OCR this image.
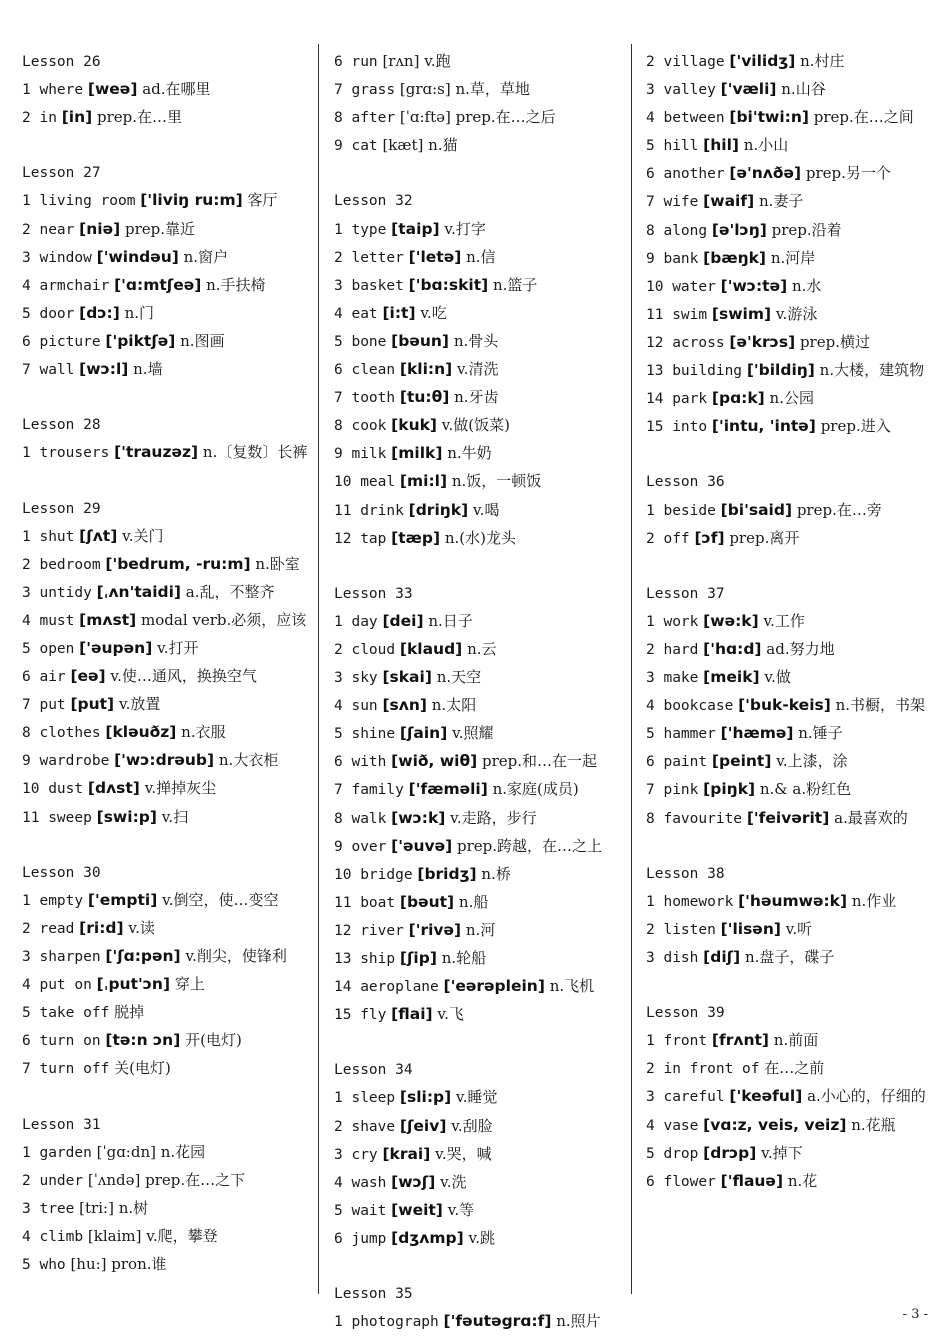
Lesson 26
1 where [weə] ad.在哪里
2 in [in] prep.在…里
Lesson 27
1 living room ['liviŋ ru:m] 客厅
2 near [niə] prep.靠近
3 window ['windəu] n.窗户
4 armchair ['ɑ:mtʃeə] n.手扶椅
5 door [dɔ:] n.门
6 picture ['piktʃə] n.图画
7 wall [wɔ:l] n.墙
Lesson 28
1 trousers ['trauzəz] n.〔复数〕长裤
Lesson 29
1 shut [ʃʌt] v.关门
2 bedroom ['bedrum, -ru:m] n.卧室
3 untidy [ˌʌn'taidi] a.乱，不整齐
4 must [mʌst] modal verb.必须，应该
5 open ['əupən] v.打开
6 air [eə] v.使…通风，换换空气
7 put [put] v.放置
8 clothes [kləuðz] n.衣服
9 wardrobe ['wɔ:drəub] n.大衣柜
10 dust [dʌst] v.掸掉灰尘
11 sweep [swi:p] v.扫
Lesson 30
1 empty ['empti] v.倒空，使…变空
2 read [ri:d] v.读
3 sharpen ['ʃɑ:pən] v.削尖，使锋利
4 put on [ˌput'ɔn] 穿上
5 take off 脱掉
6 turn on [tə:n ɔn] 开(电灯)
7 turn off 关(电灯)
Lesson 31
1 garden [ˈgɑ:dn] n.花园
2 under [ˈʌndə] prep.在…之下
3 tree [tri:] n.树
4 climb [klaim] v.爬，攀登
5 who [hu:] pron.谁
6 run [rʌn] v.跑
7 grass [grɑ:s] n.草，草地
8 after [ˈɑ:ftə] prep.在…之后
9 cat [kæt] n.猫
Lesson 32
1 type [taip] v.打字
2 letter ['letə] n.信
3 basket ['bɑ:skit] n.篮子
4 eat [i:t] v.吃
5 bone [bəun] n.骨头
6 clean [kli:n] v.清洗
7 tooth [tu:θ] n.牙齿
8 cook [kuk] v.做(饭菜)
9 milk [milk] n.牛奶
10 meal [mi:l] n.饭，一顿饭
11 drink [driŋk] v.喝
12 tap [tæp] n.(水)龙头
Lesson 33
1 day [dei] n.日子
2 cloud [klaud] n.云
3 sky [skai] n.天空
4 sun [sʌn] n.太阳
5 shine [ʃain] v.照耀
6 with [wið, wiθ] prep.和…在一起
7 family ['fæməli] n.家庭(成员)
8 walk [wɔ:k] v.走路，步行
9 over ['əuvə] prep.跨越，在…之上
10 bridge [bridʒ] n.桥
11 boat [bəut] n.船
12 river ['rivə] n.河
13 ship [ʃip] n.轮船
14 aeroplane ['eərəplein] n.飞机
15 fly [flai] v.飞
Lesson 34
1 sleep [sli:p] v.睡觉
2 shave [ʃeiv] v.刮脸
3 cry [krai] v.哭，喊
4 wash [wɔʃ] v.洗
5 wait [weit] v.等
6 jump [dʒʌmp] v.跳
Lesson 35
1 photograph ['fəutəgrɑ:f] n.照片
2 village ['vilidʒ] n.村庄
3 valley ['væli] n.山谷
4 between [bi'twi:n] prep.在…之间
5 hill [hil] n.小山
6 another [ə'nʌðə] prep.另一个
7 wife [waif] n.妻子
8 along [ə'lɔŋ] prep.沿着
9 bank [bæŋk] n.河岸
10 water ['wɔ:tə] n.水
11 swim [swim] v.游泳
12 across [ə'krɔs] prep.横过
13 building ['bildiŋ] n.大楼，建筑物
14 park [pɑ:k] n.公园
15 into ['intu, 'intə] prep.进入
Lesson 36
1 beside [bi'said] prep.在…旁
2 off [ɔf] prep.离开
Lesson 37
1 work [wə:k] v.工作
2 hard ['hɑ:d] ad.努力地
3 make [meik] v.做
4 bookcase ['buk-keis] n.书橱，书架
5 hammer ['hæmə] n.锤子
6 paint [peint] v.上漆，涂
7 pink [piŋk] n.& a.粉红色
8 favourite ['feivərit] a.最喜欢的
Lesson 38
1 homework ['həumwə:k] n.作业
2 listen ['lisən] v.听
3 dish [diʃ] n.盘子，碟子
Lesson 39
1 front [frʌnt] n.前面
2 in front of 在…之前
3 careful ['keəful] a.小心的，仔细的
4 vase [vɑ:z, veis, veiz] n.花瓶
5 drop [drɔp] v.掉下
6 flower ['flauə] n.花
- 3 -
